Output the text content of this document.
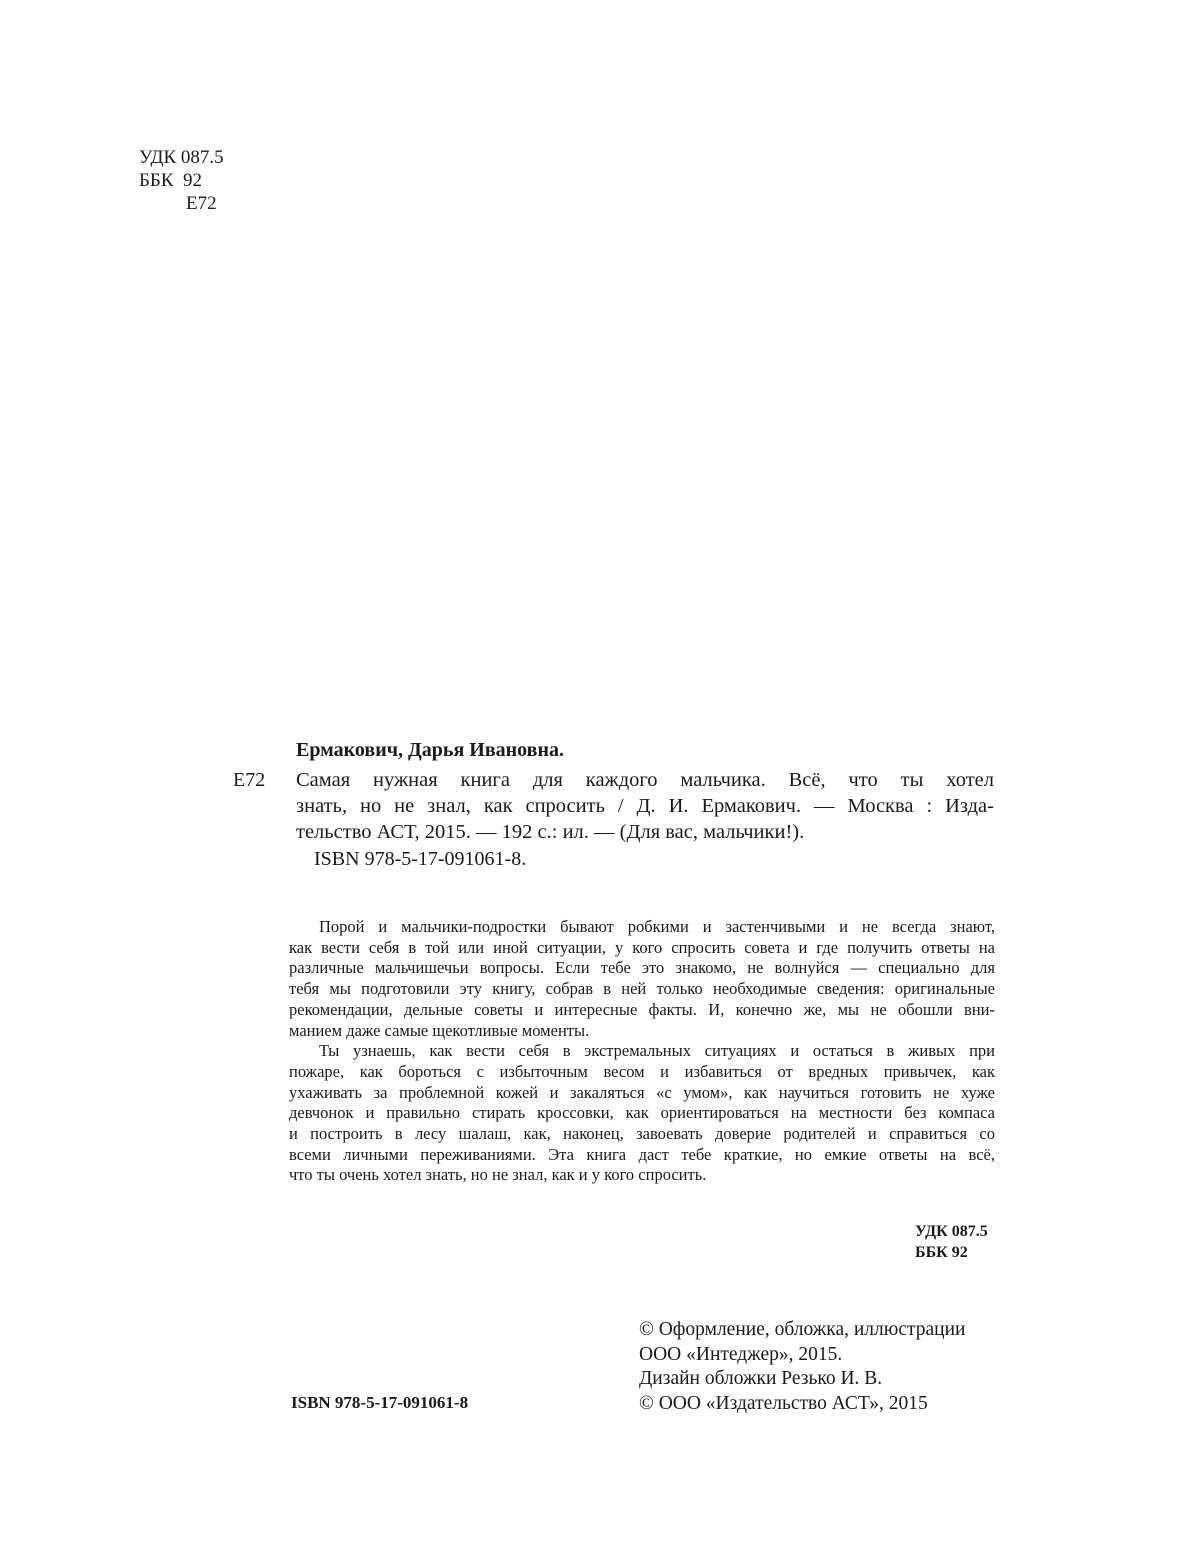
УДК 087.5
ББК  92
Е72
Ермакович, Дарья Ивановна.
Е72 Самая нужная книга для каждого мальчика. Всё, что ты хотел
знать, но не знал, как спросить / Д. И. Ермакович. — Москва : Изда-
тельство АСТ, 2015. — 192 с.: ил. — (Для вас, мальчики!).
ISBN 978-5-17-091061-8.
Порой и мальчики-подростки бывают робкими и застенчивыми и не всегда знают,
как вести себя в той или иной ситуации, у кого спросить совета и где получить ответы на
различные мальчишечьи вопросы. Если тебе это знакомо, не волнуйся — специально для
тебя мы подготовили эту книгу, собрав в ней только необходимые сведения: оригинальные
рекомендации, дельные советы и интересные факты. И, конечно же, мы не обошли вни-
манием даже самые щекотливые моменты.
Ты узнаешь, как вести себя в экстремальных ситуациях и остаться в живых при
пожаре, как бороться с избыточным весом и избавиться от вредных привычек, как
ухаживать за проблемной кожей и закаляться «с умом», как научиться готовить не хуже
девчонок и правильно стирать кроссовки, как ориентироваться на местности без компаса
и построить в лесу шалаш, как, наконец, завоевать доверие родителей и справиться со
всеми личными переживаниями. Эта книга даст тебе краткие, но емкие ответы на всё,
что ты очень хотел знать, но не знал, как и у кого спросить.
УДК 087.5
ББК 92
© Оформление, обложка, иллюстрации
ООО «Интеджер», 2015.
Дизайн обложки Резько И. В.
© ООО «Издательство АСТ», 2015
ISBN 978-5-17-091061-8
